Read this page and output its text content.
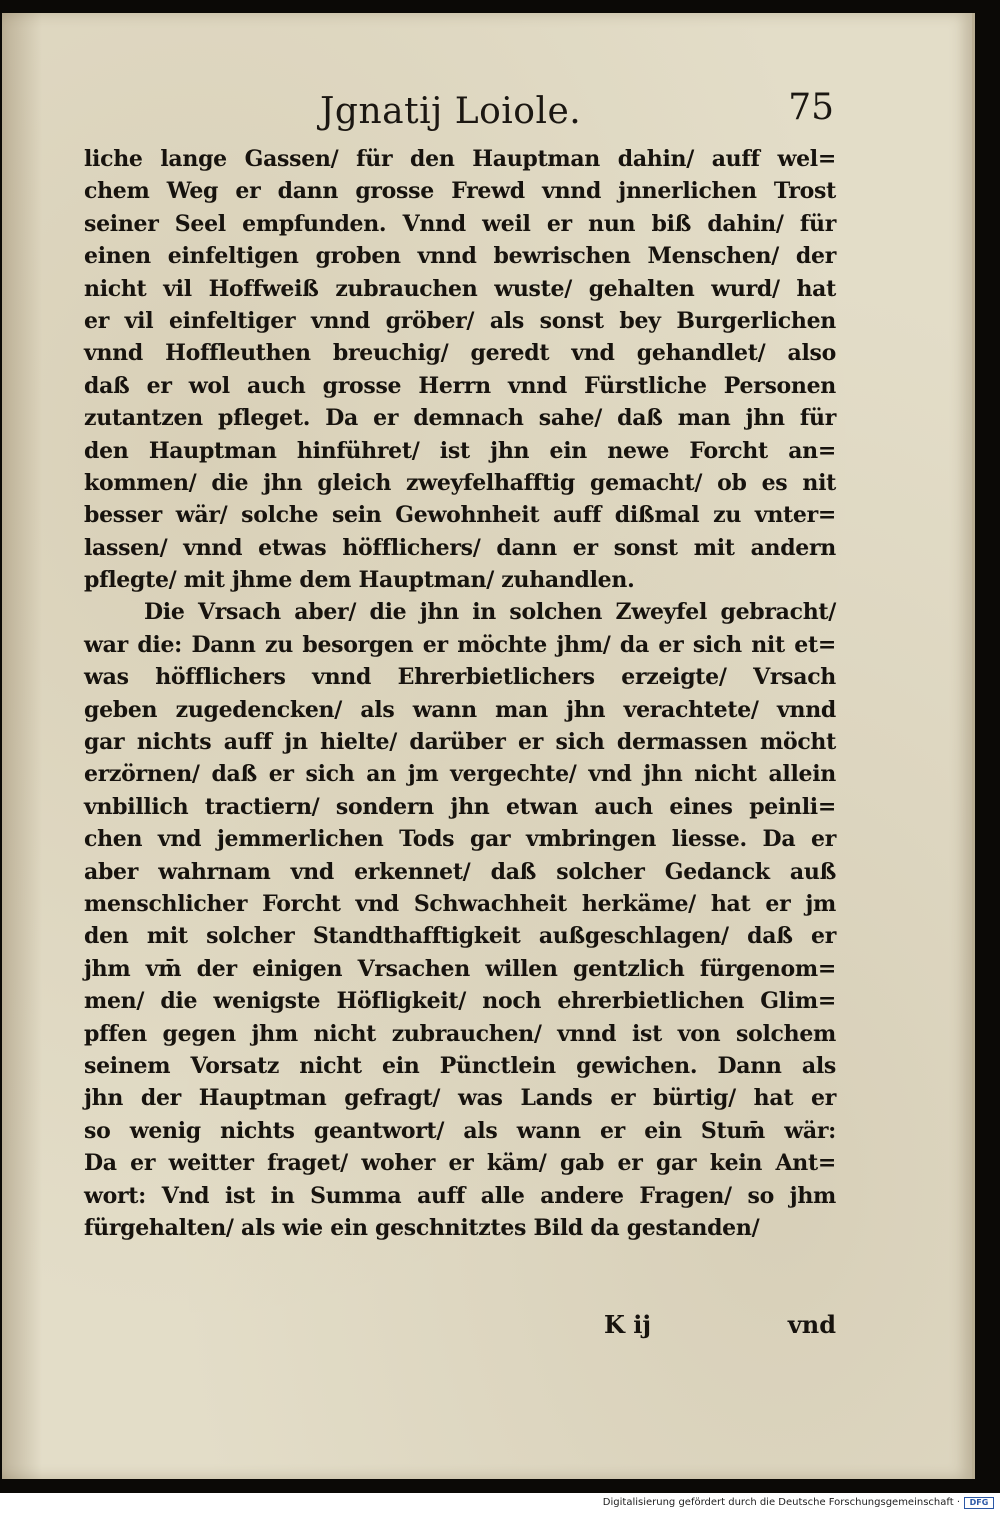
Jgnatij Loiole.	75
liche lange Gassen/ für den Hauptman dahin/ auff wel=
chem Weg er dann grosse Frewd vnnd jnnerlichen Trost
seiner Seel empfunden. Vnnd weil er nun biß dahin/ für
einen einfeltigen groben vnnd bewrischen Menschen/ der
nicht vil Hoffweiß zubrauchen wuste/ gehalten wurd/ hat
er vil einfeltiger vnnd gröber/ als sonst bey Burgerlichen
vnnd Hoffleuthen breuchig/ geredt vnd gehandlet/ also
daß er wol auch grosse Herrn vnnd Fürstliche Personen
zutantzen pfleget. Da er demnach sahe/ daß man jhn für
den Hauptman hinführet/ ist jhn ein newe Forcht an=
kommen/ die jhn gleich zweyfelhafftig gemacht/ ob es nit
besser wär/ solche sein Gewohnheit auff dißmal zu vnter=
lassen/ vnnd etwas höfflichers/ dann er sonst mit andern
pflegte/ mit jhme dem Hauptman/ zuhandlen.
Die Vrsach aber/ die jhn in solchen Zweyfel gebracht/
war die: Dann zu besorgen er möchte jhm/ da er sich nit et=
was höfflichers vnnd Ehrerbietlichers erzeigte/ Vrsach
geben zugedencken/ als wann man jhn verachtete/ vnnd
gar nichts auff jn hielte/ darüber er sich dermassen möcht
erzörnen/ daß er sich an jm vergechte/ vnd jhn nicht allein
vnbillich tractiern/ sondern jhn etwan auch eines peinli=
chen vnd jemmerlichen Tods gar vmbringen liesse. Da er
aber wahrnam vnd erkennet/ daß solcher Gedanck auß
menschlicher Forcht vnd Schwachheit herkäme/ hat er jm
den mit solcher Standthafftigkeit außgeschlagen/ daß er
jhm vm̄ der einigen Vrsachen willen gentzlich fürgenom=
men/ die wenigste Höfligkeit/ noch ehrerbietlichen Glim=
pffen gegen jhm nicht zubrauchen/ vnnd ist von solchem
seinem Vorsatz nicht ein Pünctlein gewichen. Dann als
jhn der Hauptman gefragt/ was Lands er bürtig/ hat er
so wenig nichts geantwort/ als wann er ein Stum̄ wär:
Da er weitter fraget/ woher er käm/ gab er gar kein Ant=
wort: Vnd ist in Summa auff alle andere Fragen/ so jhm
fürgehalten/ als wie ein geschnitztes Bild da gestanden/
K ij	vnd
Digitalisierung gefördert durch die Deutsche Forschungsgemeinschaft ·	DFG
